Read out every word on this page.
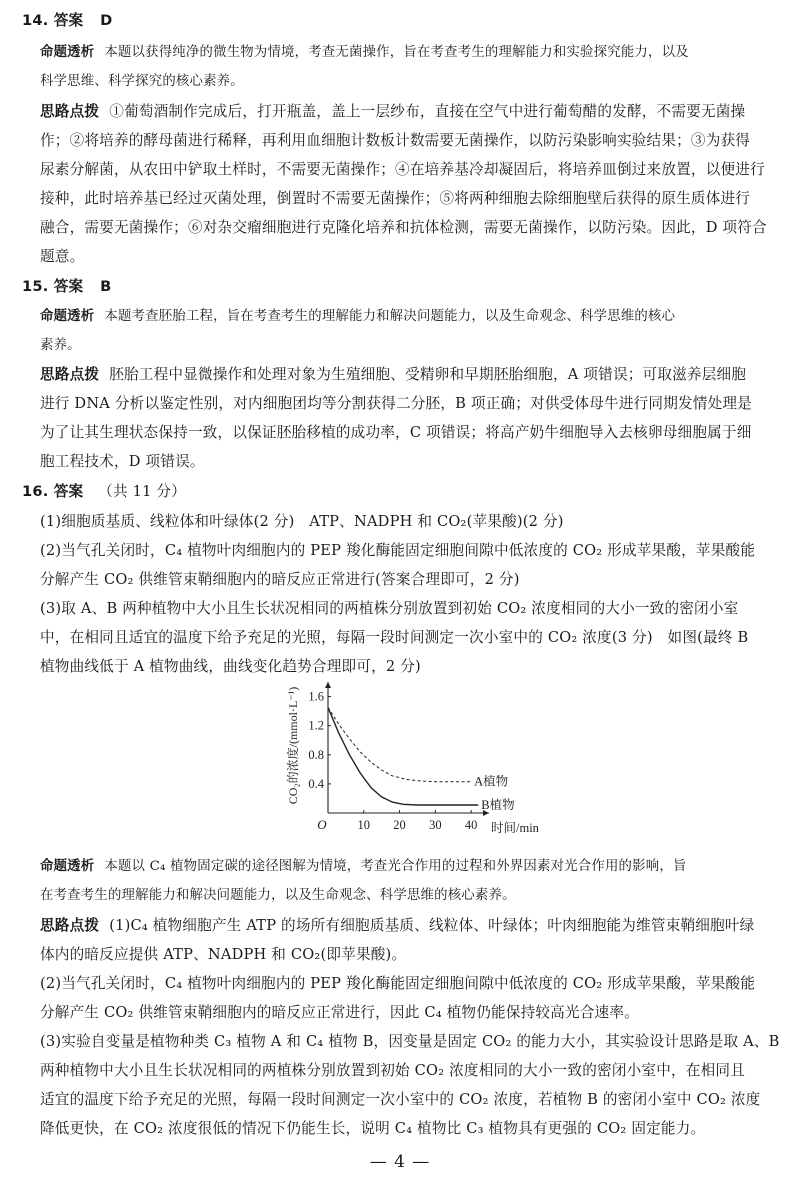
14. 答案 D
命题透析 本题以获得纯净的微生物为情境，考查无菌操作，旨在考查考生的理解能力和实验探究能力，以及
科学思维、科学探究的核心素养。
思路点拨 ①葡萄酒制作完成后，打开瓶盖，盖上一层纱布，直接在空气中进行葡萄醋的发酵，不需要无菌操
作；②将培养的酵母菌进行稀释，再利用血细胞计数板计数需要无菌操作，以防污染影响实验结果；③为获得
尿素分解菌，从农田中铲取土样时，不需要无菌操作；④在培养基冷却凝固后，将培养皿倒过来放置，以便进行
接种，此时培养基已经过灭菌处理，倒置时不需要无菌操作；⑤将两种细胞去除细胞壁后获得的原生质体进行
融合，需要无菌操作；⑥对杂交瘤细胞进行克隆化培养和抗体检测，需要无菌操作，以防污染。因此，D 项符合
题意。
15. 答案 B
命题透析 本题考查胚胎工程，旨在考查考生的理解能力和解决问题能力，以及生命观念、科学思维的核心
素养。
思路点拨 胚胎工程中显微操作和处理对象为生殖细胞、受精卵和早期胚胎细胞，A 项错误；可取滋养层细胞
进行 DNA 分析以鉴定性别，对内细胞团均等分割获得二分胚，B 项正确；对供受体母牛进行同期发情处理是
为了让其生理状态保持一致，以保证胚胎移植的成功率，C 项错误；将高产奶牛细胞导入去核卵母细胞属于细
胞工程技术，D 项错误。
16. 答案 （共 11 分）
(1)细胞质基质、线粒体和叶绿体(2 分)　ATP、NADPH 和 CO₂(苹果酸)(2 分)
(2)当气孔关闭时，C₄ 植物叶肉细胞内的 PEP 羧化酶能固定细胞间隙中低浓度的 CO₂ 形成苹果酸，苹果酸能
分解产生 CO₂ 供维管束鞘细胞内的暗反应正常进行(答案合理即可，2 分)
(3)取 A、B 两种植物中大小且生长状况相同的两植株分别放置到初始 CO₂ 浓度相同的大小一致的密闭小室
中，在相同且适宜的温度下给予充足的光照，每隔一段时间测定一次小室中的 CO₂ 浓度(3 分)　如图(最终 B
植物曲线低于 A 植物曲线，曲线变化趋势合理即可，2 分)
O 10 20 30 40
0.4
0.8
1.2
1.6
时间/min
CO₂的浓度/(mmol·L⁻¹)	A植物
B植物
命题透析 本题以 C₄ 植物固定碳的途径图解为情境，考查光合作用的过程和外界因素对光合作用的影响，旨
在考查考生的理解能力和解决问题能力，以及生命观念、科学思维的核心素养。
思路点拨 (1)C₄ 植物细胞产生 ATP 的场所有细胞质基质、线粒体、叶绿体；叶肉细胞能为维管束鞘细胞叶绿
体内的暗反应提供 ATP、NADPH 和 CO₂(即苹果酸)。
(2)当气孔关闭时，C₄ 植物叶肉细胞内的 PEP 羧化酶能固定细胞间隙中低浓度的 CO₂ 形成苹果酸，苹果酸能
分解产生 CO₂ 供维管束鞘细胞内的暗反应正常进行，因此 C₄ 植物仍能保持较高光合速率。
(3)实验自变量是植物种类 C₃ 植物 A 和 C₄ 植物 B，因变量是固定 CO₂ 的能力大小，其实验设计思路是取 A、B
两种植物中大小且生长状况相同的两植株分别放置到初始 CO₂ 浓度相同的大小一致的密闭小室中，在相同且
适宜的温度下给予充足的光照，每隔一段时间测定一次小室中的 CO₂ 浓度，若植物 B 的密闭小室中 CO₂ 浓度
降低更快，在 CO₂ 浓度很低的情况下仍能生长，说明 C₄ 植物比 C₃ 植物具有更强的 CO₂ 固定能力。
— 4 —
